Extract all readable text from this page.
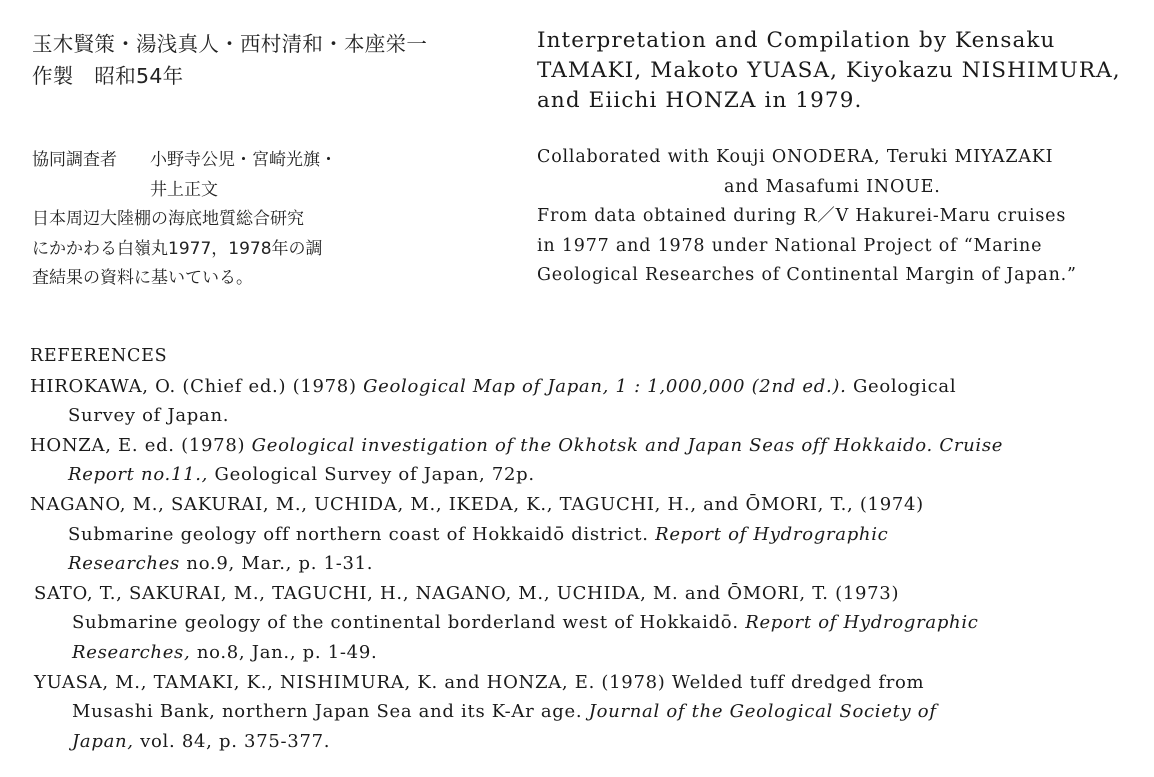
玉木賢策・湯浅真人・西村清和・本座栄一
作製　昭和54年
協同調査者 小野寺公児・宮崎光旗・
井上正文
日本周辺大陸棚の海底地質総合研究
にかかわる白嶺丸1977，1978年の調
査結果の資料に基いている。
Interpretation and Compilation by Kensaku
TAMAKI, Makoto YUASA, Kiyokazu NISHIMURA,
and Eiichi HONZA in 1979.
Collaborated with Kouji ONODERA, Teruki MIYAZAKI
and Masafumi INOUE.
From data obtained during R／V Hakurei-Maru cruises
in 1977 and 1978 under National Project of “Marine
Geological Researches of Continental Margin of Japan.”
REFERENCES
HIROKAWA, O. (Chief ed.) (1978) Geological Map of Japan, 1 : 1,000,000 (2nd ed.). Geological
Survey of Japan.
HONZA, E. ed. (1978) Geological investigation of the Okhotsk and Japan Seas off Hokkaido. Cruise
Report no.11., Geological Survey of Japan, 72p.
NAGANO, M., SAKURAI, M., UCHIDA, M., IKEDA, K., TAGUCHI, H., and ŌMORI, T., (1974)
Submarine geology off northern coast of Hokkaidō district. Report of Hydrographic
Researches no.9, Mar., p. 1-31.
SATO, T., SAKURAI, M., TAGUCHI, H., NAGANO, M., UCHIDA, M. and ŌMORI, T. (1973)
Submarine geology of the continental borderland west of Hokkaidō. Report of Hydrographic
Researches, no.8, Jan., p. 1-49.
YUASA, M., TAMAKI, K., NISHIMURA, K. and HONZA, E. (1978) Welded tuff dredged from
Musashi Bank, northern Japan Sea and its K-Ar age. Journal of the Geological Society of
Japan, vol. 84, p. 375-377.
